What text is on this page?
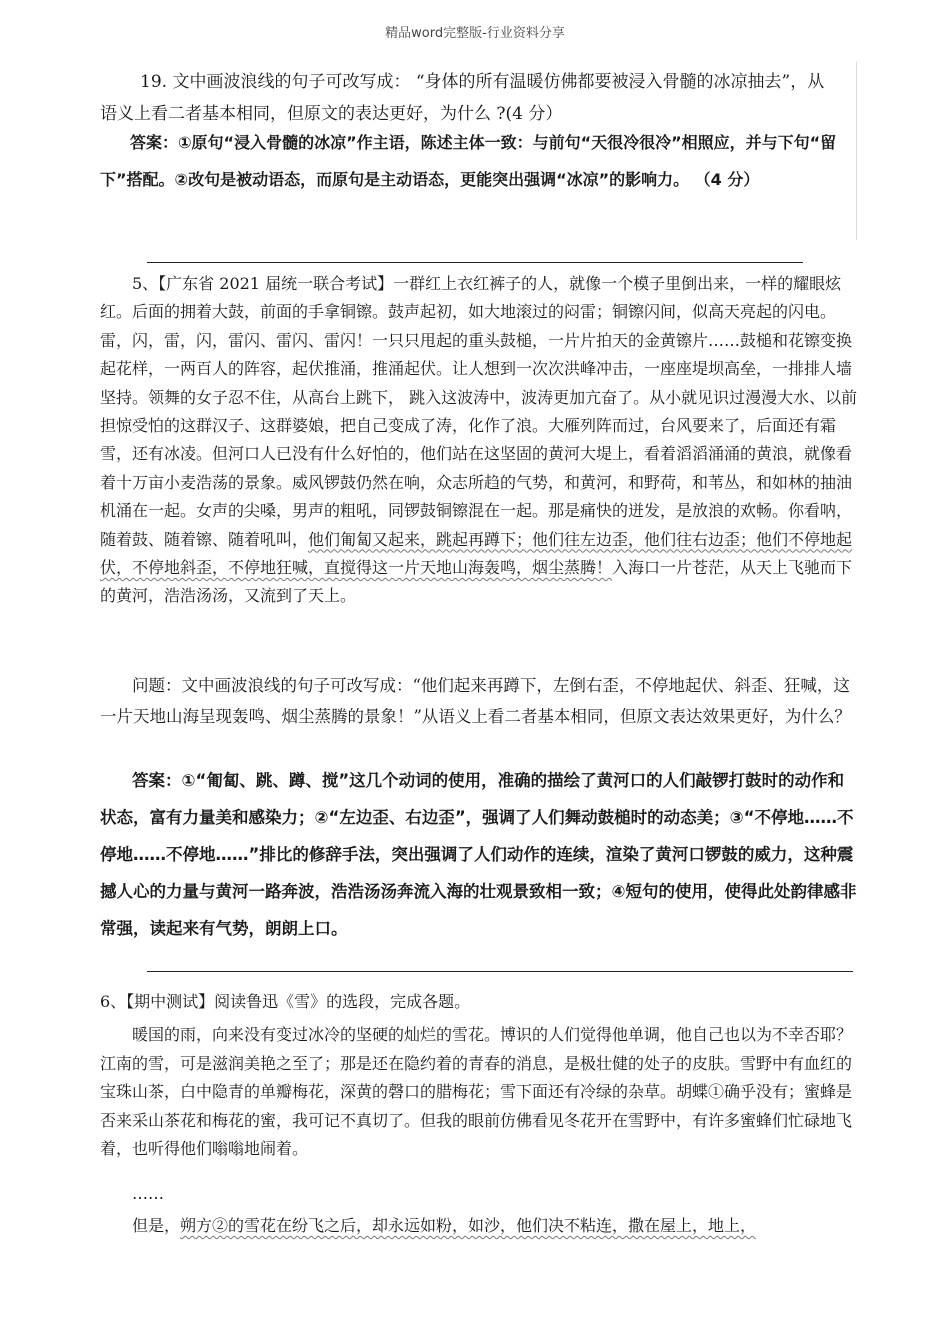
精品word完整版-行业资料分享

19. 文中画波浪线的句子可改写成： “身体的所有温暖仿佛都要被浸入骨髓的冰凉抽去”，从语义上看二者基本相同，但原文的表达更好，为什么 ?(4 分）

答案：①原句“浸入骨髓的冰凉”作主语，陈述主体一致：与前句“天很冷很冷”相照应，并与下句“留下”搭配。②改句是被动语态，而原句是主动语态，更能突出强调“冰凉”的影响力。 （4 分）

5、【广东省 2021 届统一联合考试】一群红上衣红裤子的人，就像一个模子里倒出来，一样的耀眼炫红。后面的拥着大鼓，前面的手拿铜镲。鼓声起初，如大地滚过的闷雷；铜镲闪间，似高天亮起的闪电。雷，闪，雷，闪，雷闪、雷闪、雷闪！一只只甩起的重头鼓槌，一片片拍天的金黄镲片……鼓槌和花镲变换起花样，一两百人的阵容，起伏推涌，推涌起伏。让人想到一次次洪峰冲击，一座座堤坝高垒，一排排人墙坚持。领舞的女子忍不住，从高台上跳下， 跳入这波涛中，波涛更加亢奋了。从小就见识过漫漫大水、以前担惊受怕的这群汉子、这群婆娘，把自己变成了涛，化作了浪。大雁列阵而过，台风要来了，后面还有霜雪，还有冰凌。但河口人已没有什么好怕的，他们站在这坚固的黄河大堤上，看着滔滔涌涌的黄浪，就像看着十万亩小麦浩荡的景象。威风锣鼓仍然在响，众志所趋的气势，和黄河，和野荷，和苇丛，和如林的抽油机涌在一起。女声的尖嗓，男声的粗吼，同锣鼓铜镲混在一起。那是痛快的迸发，是放浪的欢畅。你看呐，随着鼓、随着镲、随着吼叫，他们匍匐又起来，跳起再蹲下；他们往左边歪，他们往右边歪；他们不停地起伏，不停地斜歪，不停地狂喊，直搅得这一片天地山海轰鸣，烟尘蒸腾！入海口一片苍茫，从天上飞驰而下的黄河，浩浩汤汤，又流到了天上。

问题：文中画波浪线的句子可改写成：“他们起来再蹲下，左倒右歪，不停地起伏、斜歪、狂喊，这一片天地山海呈现轰鸣、烟尘蒸腾的景象！”从语义上看二者基本相同，但原文表达效果更好，为什么？

答案：①“匍匐、跳、蹲、搅”这几个动词的使用，准确的描绘了黄河口的人们敲锣打鼓时的动作和状态，富有力量美和感染力；②“左边歪、右边歪”，强调了人们舞动鼓槌时的动态美；③“不停地……不停地……不停地……”排比的修辞手法，突出强调了人们动作的连续，渲染了黄河口锣鼓的威力，这种震撼人心的力量与黄河一路奔波，浩浩汤汤奔流入海的壮观景致相一致；④短句的使用，使得此处韵律感非常强，读起来有气势，朗朗上口。

6、【期中测试】阅读鲁迅《雪》的选段，完成各题。

暖国的雨，向来没有变过冰冷的坚硬的灿烂的雪花。博识的人们觉得他单调，他自己也以为不幸否耶？江南的雪，可是滋润美艳之至了；那是还在隐约着的青春的消息，是极壮健的处子的皮肤。雪野中有血红的宝珠山茶，白中隐青的单瓣梅花，深黄的磬口的腊梅花；雪下面还有冷绿的杂草。胡蝶①确乎没有；蜜蜂是否来采山茶花和梅花的蜜，我可记不真切了。但我的眼前仿佛看见冬花开在雪野中，有许多蜜蜂们忙碌地飞着，也听得他们嗡嗡地闹着。

……

但是，朔方②的雪花在纷飞之后，却永远如粉，如沙，他们决不粘连，撒在屋上，地上，
